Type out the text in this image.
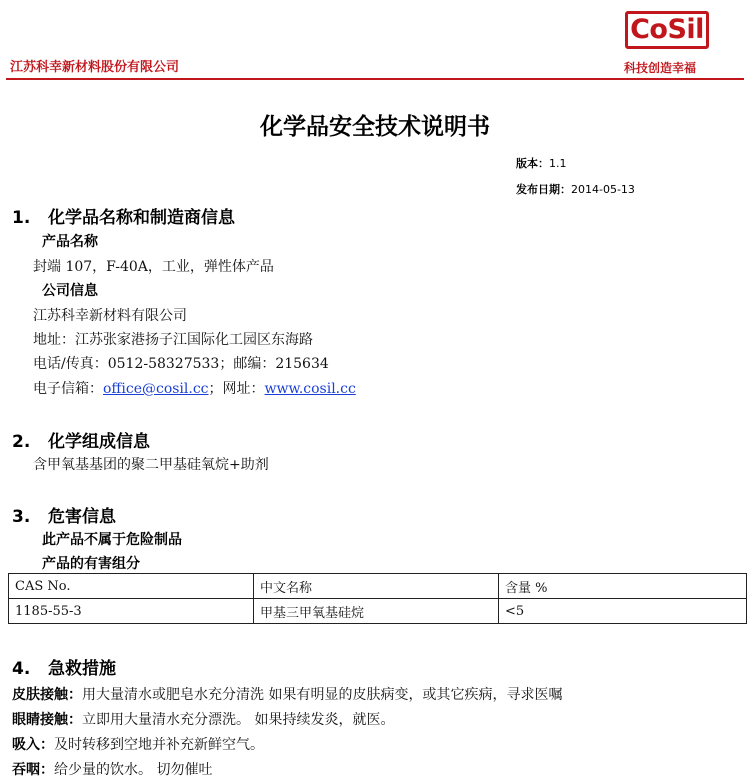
江苏科幸新材料股份有限公司
CoSil
科技创造幸福
化学品安全技术说明书
版本：1.1
发布日期：2014-05-13
1. 化学品名称和制造商信息
产品名称
封端 107，F-40A，工业，弹性体产品
公司信息
江苏科幸新材料有限公司
地址：江苏张家港扬子江国际化工园区东海路
电话/传真：0512-58327533；邮编：215634
电子信箱：office@cosil.cc；网址：www.cosil.cc
2. 化学组成信息
含甲氧基基团的聚二甲基硅氧烷+助剂
3. 危害信息
此产品不属于危险制品
产品的有害组分
CAS No.	中文名称	含量 %
1185-55-3	甲基三甲氧基硅烷	<5
4. 急救措施
皮肤接触：用大量清水或肥皂水充分清洗 如果有明显的皮肤病变，或其它疾病，寻求医嘱
眼睛接触：立即用大量清水充分漂洗。 如果持续发炎，就医。
吸入：及时转移到空地并补充新鲜空气。
吞咽：给少量的饮水。 切勿催吐
